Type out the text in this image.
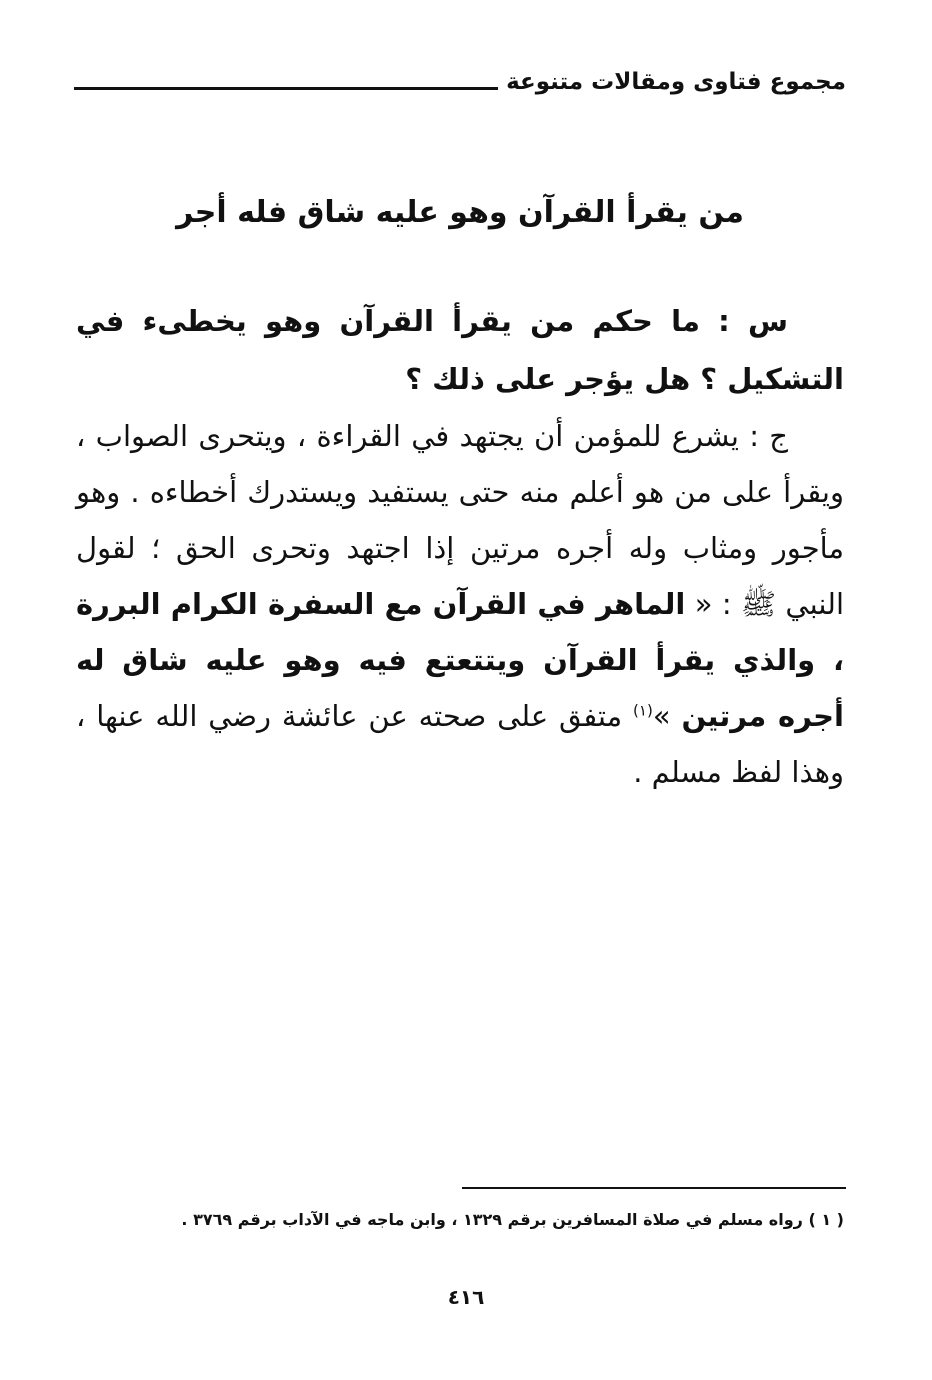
مجموع فتاوى ومقالات متنوعة
من يقرأ القرآن وهو عليه شاق فله أجر

س : ما حكم من يقرأ القرآن وهو يخطىء في التشكيل ؟ هل يؤجر على ذلك ؟

ج : يشرع للمؤمن أن يجتهد في القراءة ، ويتحرى الصواب ، ويقرأ على من هو أعلم منه حتى يستفيد ويستدرك أخطاءه . وهو مأجور ومثاب وله أجره مرتين إذا اجتهد وتحرى الحق ؛ لقول النبي ﷺ : « الماهر في القرآن مع السفرة الكرام البررة ، والذي يقرأ القرآن ويتتعتع فيه وهو عليه شاق له أجره مرتين »$^{(١)}$ متفق على صحته عن عائشة رضي الله عنها ، وهذا لفظ مسلم .

( ١ ) رواه مسلم في صلاة المسافرين برقم ١٣٢٩ ، وابن ماجه في الآداب برقم ٣٧٦٩ .
٤١٦
